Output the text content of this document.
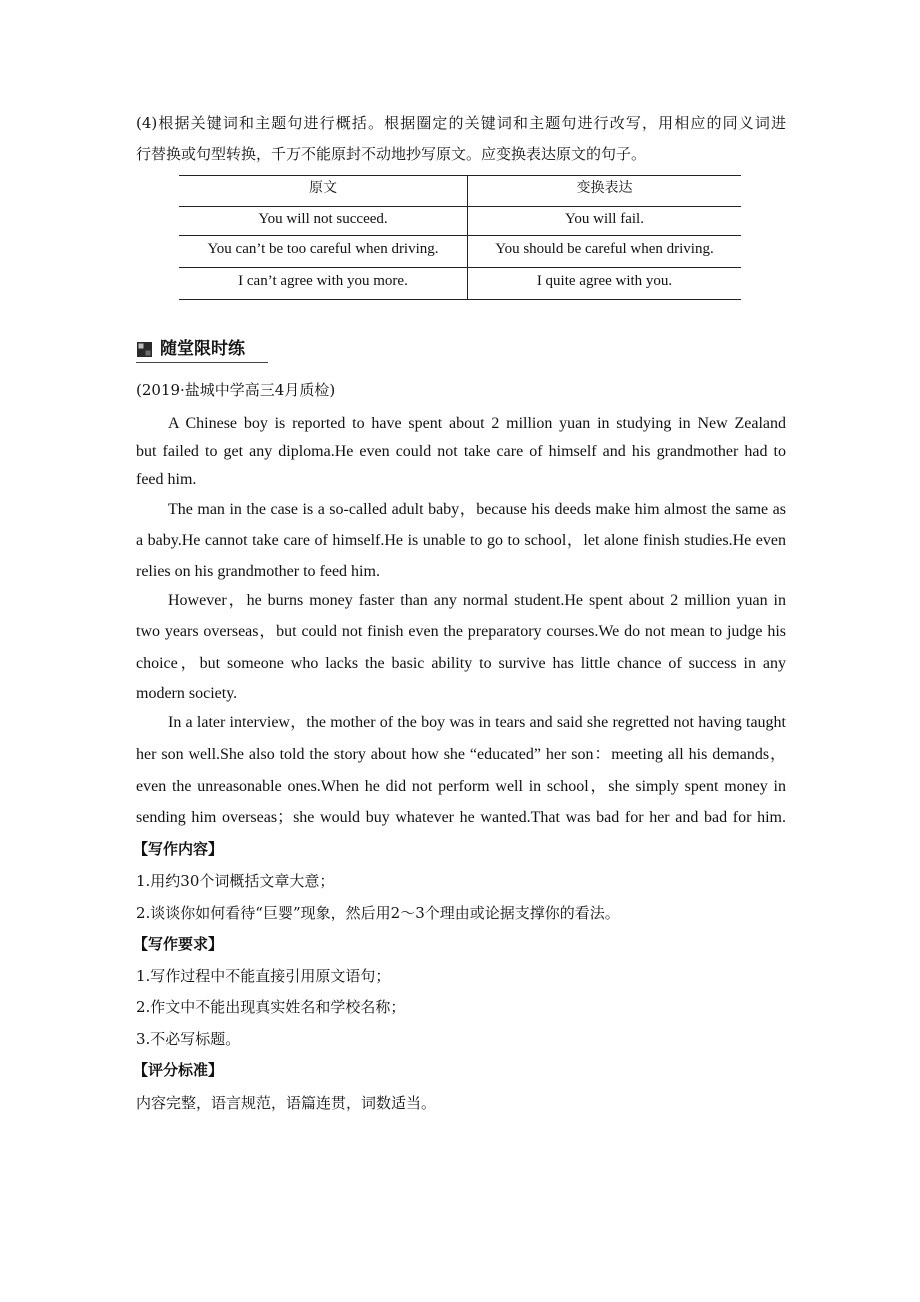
(4)根据关键词和主题句进行概括。根据圈定的关键词和主题句进行改写，用相应的同义词进
行替换或句型转换，千万不能原封不动地抄写原文。应变换表达原文的句子。
原文	变换表达
You will not succeed.	You will fail.
You can’t be too careful when driving.	You should be careful when driving.
I can’t agree with you more.	I quite agree with you.
随堂限时练
(2019·盐城中学高三4月质检)
A Chinese boy is reported to have spent about 2 million yuan in studying in New Zealand
but failed to get any diploma.He even could not take care of himself and his grandmother had to
feed him.
The man in the case is a so-called adult baby，because his deeds make him almost the same as
a baby.He cannot take care of himself.He is unable to go to school，let alone finish studies.He even
relies on his grandmother to feed him.
However，he burns money faster than any normal student.He spent about 2 million yuan in
two years overseas，but could not finish even the preparatory courses.We do not mean to judge his
choice，but someone who lacks the basic ability to survive has little chance of success in any
modern society.
In a later interview，the mother of the boy was in tears and said she regretted not having taught
her son well.She also told the story about how she “educated” her son：meeting all his demands，
even the unreasonable ones.When he did not perform well in school，she simply spent money in
sending him overseas；she would buy whatever he wanted.That was bad for her and bad for him.
【写作内容】
1.用约30个词概括文章大意；
2.谈谈你如何看待“巨婴”现象，然后用2～3个理由或论据支撑你的看法。
【写作要求】
1.写作过程中不能直接引用原文语句；
2.作文中不能出现真实姓名和学校名称；
3.不必写标题。
【评分标准】
内容完整，语言规范，语篇连贯，词数适当。
